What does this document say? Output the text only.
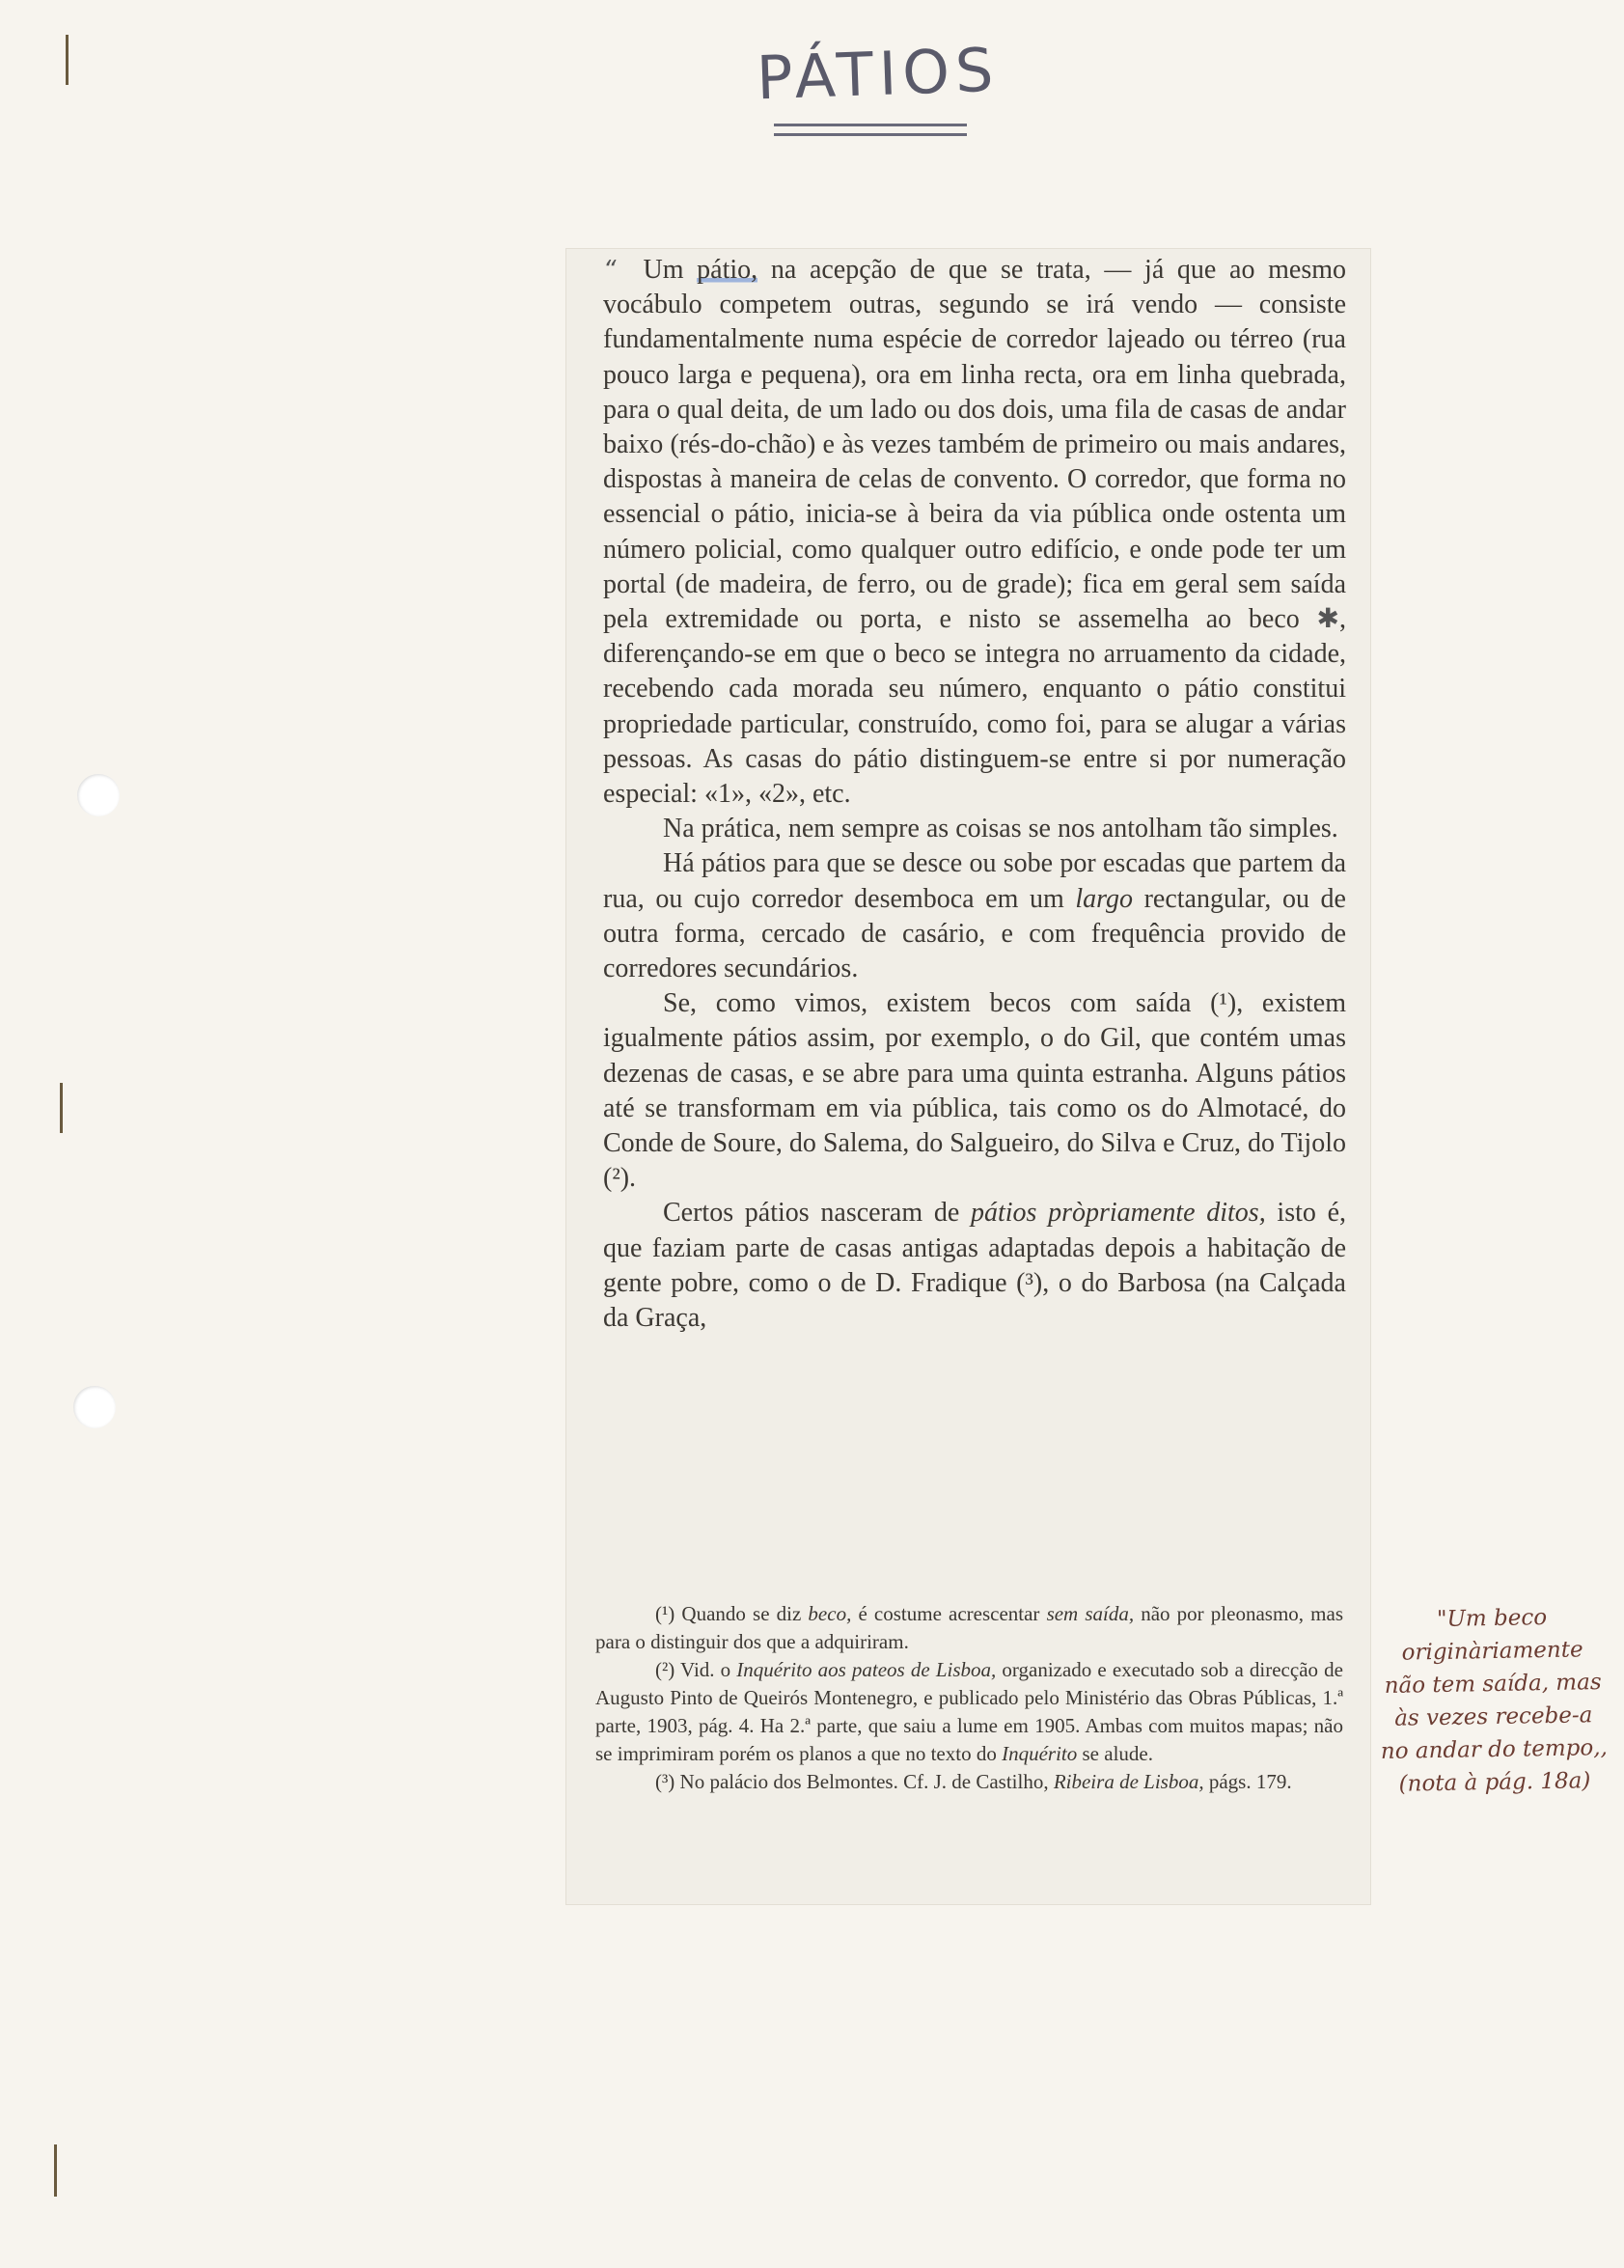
PÁTIOS

“ Um pátio, na acepção de que se trata, — já que ao mesmo vocábulo competem outras, segundo se irá vendo — consiste fundamentalmente numa espécie de corredor lajeado ou térreo (rua pouco larga e pequena), ora em linha recta, ora em linha quebrada, para o qual deita, de um lado ou dos dois, uma fila de casas de andar baixo (rés-do-chão) e às vezes também de primeiro ou mais andares, dispostas à maneira de celas de convento. O corredor, que forma no essencial o pátio, inicia-se à beira da via pública onde ostenta um número policial, como qualquer outro edifício, e onde pode ter um portal (de madeira, de ferro, ou de grade); fica em geral sem saída pela extremidade ou porta, e nisto se assemelha ao beco ✱, diferençando-se em que o beco se integra no arruamento da cidade, recebendo cada morada seu número, enquanto o pátio constitui propriedade particular, construído, como foi, para se alugar a várias pessoas. As casas do pátio distinguem-se entre si por numeração especial: «1», «2», etc.

Na prática, nem sempre as coisas se nos antolham tão simples.

Há pátios para que se desce ou sobe por escadas que partem da rua, ou cujo corredor desemboca em um largo rectangular, ou de outra forma, cercado de casário, e com frequência provido de corredores secundários.

Se, como vimos, existem becos com saída (¹), existem igualmente pátios assim, por exemplo, o do Gil, que contém umas dezenas de casas, e se abre para uma quinta estranha. Alguns pátios até se transformam em via pública, tais como os do Almotacé, do Conde de Soure, do Salema, do Salgueiro, do Silva e Cruz, do Tijolo (²).

Certos pátios nasceram de pátios pròpriamente ditos, isto é, que faziam parte de casas antigas adaptadas depois a habitação de gente pobre, como o de D. Fradique (³), o do Barbosa (na Calçada da Graça,

(¹) Quando se diz beco, é costume acrescentar sem saída, não por pleonasmo, mas para o distinguir dos que a adquiriram.

(²) Vid. o Inquérito aos pateos de Lisboa, organizado e executado sob a direcção de Augusto Pinto de Queirós Montenegro, e publicado pelo Ministério das Obras Públicas, 1.ª parte, 1903, pág. 4. Ha 2.ª parte, que saiu a lume em 1905. Ambas com muitos mapas; não se imprimiram porém os planos a que no texto do Inquérito se alude.

(³) No palácio dos Belmontes. Cf. J. de Castilho, Ribeira de Lisboa, págs. 179.

"Um beco originàriamente não tem saída, mas às vezes recebe-a no andar do tempo,, (nota à pág. 18a)
